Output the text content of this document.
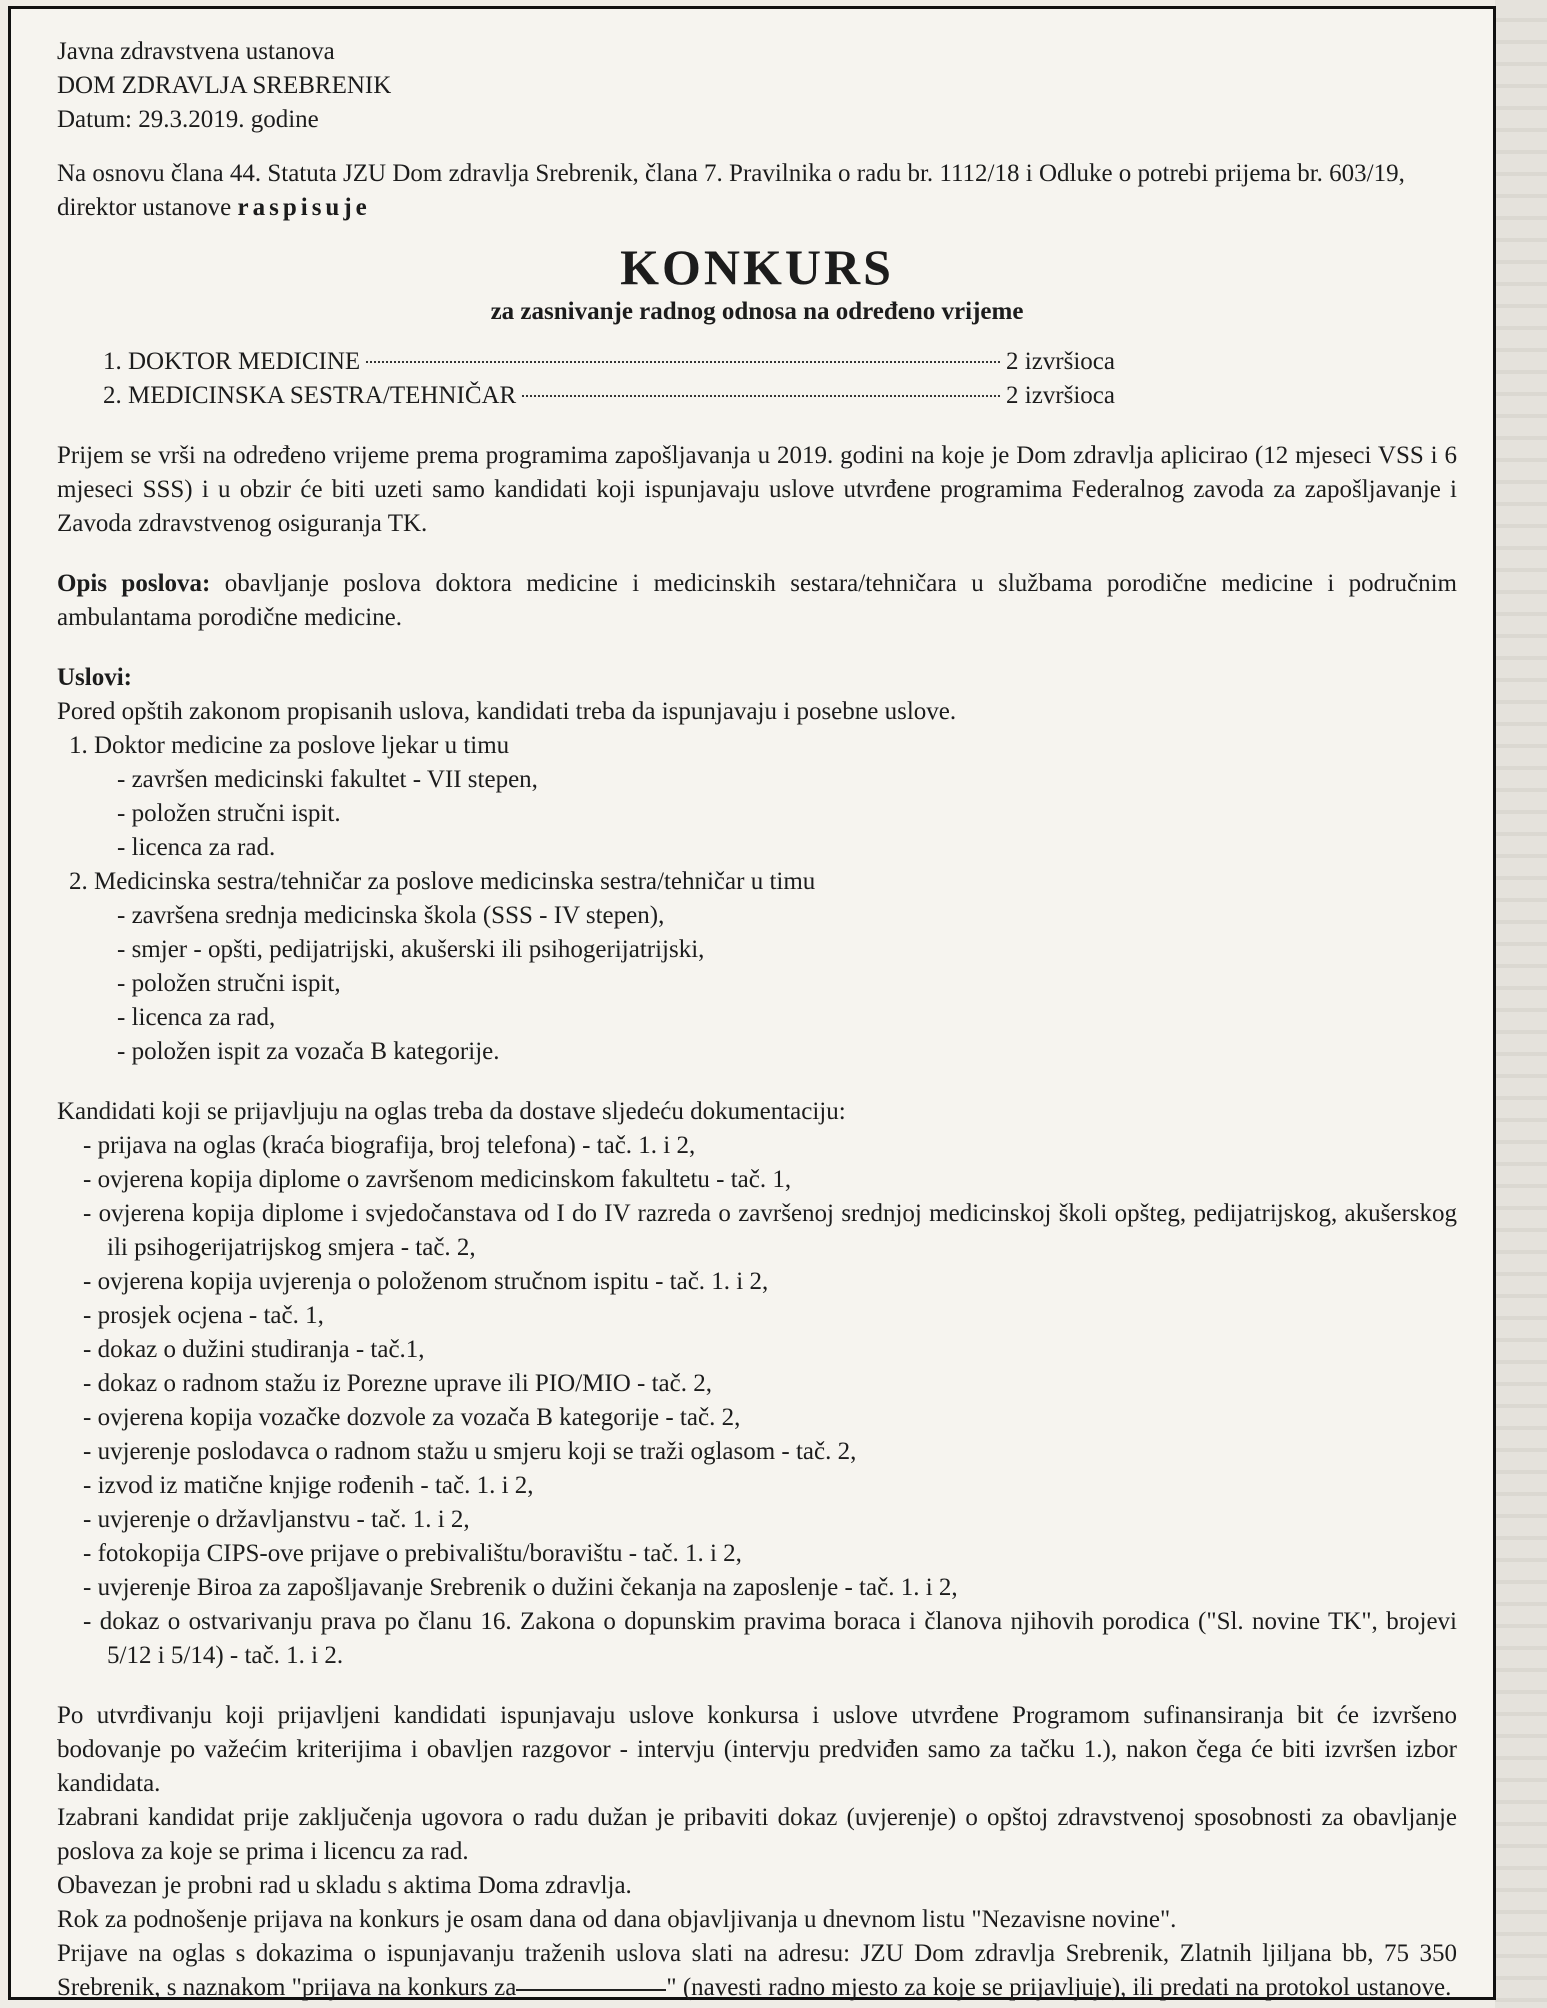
Javna zdravstvena ustanova

DOM ZDRAVLJA SREBRENIK

Datum: 29.3.2019. godine

Na osnovu člana 44. Statuta JZU Dom zdravlja Srebrenik, člana 7. Pravilnika o radu br. 1112/18 i Odluke o potrebi prijema br. 603/19, direktor ustanove raspisuje

KONKURS

za zasnivanje radnog odnosa na određeno vrijeme

1. DOKTOR MEDICINE	2 izvršioca
2. MEDICINSKA SESTRA/TEHNIČAR	2 izvršioca

Prijem se vrši na određeno vrijeme prema programima zapošljavanja u 2019. godini na koje je Dom zdravlja aplicirao (12 mjeseci VSS i 6 mjeseci SSS) i u obzir će biti uzeti samo kandidati koji ispunjavaju uslove utvrđene programima Federalnog zavoda za zapošljavanje i Zavoda zdravstvenog osiguranja TK.

Opis poslova: obavljanje poslova doktora medicine i medicinskih sestara/tehničara u službama porodične medicine i područnim ambulantama porodične medicine.

Uslovi:

Pored opštih zakonom propisanih uslova, kandidati treba da ispunjavaju i posebne uslove.

1. Doktor medicine za poslove ljekar u timu

- završen medicinski fakultet - VII stepen,
- položen stručni ispit.
- licenca za rad.

2. Medicinska sestra/tehničar za poslove medicinska sestra/tehničar u timu

- završena srednja medicinska škola (SSS - IV stepen),
- smjer - opšti, pedijatrijski, akušerski ili psihogerijatrijski,
- položen stručni ispit,
- licenca za rad,
- položen ispit za vozača B kategorije.

Kandidati koji se prijavljuju na oglas treba da dostave sljedeću dokumentaciju:

- prijava na oglas (kraća biografija, broj telefona) - tač. 1. i 2,
- ovjerena kopija diplome o završenom medicinskom fakultetu - tač. 1,
- ovjerena kopija diplome i svjedočanstava od I do IV razreda o završenoj srednjoj medicinskoj školi opšteg, pedijatrijskog, akušerskog ili psihogerijatrijskog smjera - tač. 2,
- ovjerena kopija uvjerenja o položenom stručnom ispitu - tač. 1. i 2,
- prosjek ocjena - tač. 1,
- dokaz o dužini studiranja - tač.1,
- dokaz o radnom stažu iz Porezne uprave ili PIO/MIO - tač. 2,
- ovjerena kopija vozačke dozvole za vozača B kategorije - tač. 2,
- uvjerenje poslodavca o radnom stažu u smjeru koji se traži oglasom - tač. 2,
- izvod iz matične knjige rođenih - tač. 1. i 2,
- uvjerenje o državljanstvu - tač. 1. i 2,
- fotokopija CIPS-ove prijave o prebivalištu/boravištu - tač. 1. i 2,
- uvjerenje Biroa za zapošljavanje Srebrenik o dužini čekanja na zaposlenje - tač. 1. i 2,
- dokaz o ostvarivanju prava po članu 16. Zakona o dopunskim pravima boraca i članova njihovih porodica ("Sl. novine TK", brojevi 5/12 i 5/14) - tač. 1. i 2.

Po utvrđivanju koji prijavljeni kandidati ispunjavaju uslove konkursa i uslove utvrđene Programom sufinansiranja bit će izvršeno bodovanje po važećim kriterijima i obavljen razgovor - intervju (intervju predviđen samo za tačku 1.), nakon čega će biti izvršen izbor kandidata.

Izabrani kandidat prije zaključenja ugovora o radu dužan je pribaviti dokaz (uvjerenje) o opštoj zdravstvenoj sposobnosti za obavljanje poslova za koje se prima i licencu za rad.

Obavezan je probni rad u skladu s aktima Doma zdravlja.

Rok za podnošenje prijava na konkurs je osam dana od dana objavljivanja u dnevnom listu "Nezavisne novine".

Prijave na oglas s dokazima o ispunjavanju traženih uslova slati na adresu: JZU Dom zdravlja Srebrenik, Zlatnih ljiljana bb, 75 350 Srebrenik, s naznakom "prijava na konkurs za	" (navesti radno mjesto za koje se prijavljuje), ili predati na protokol ustanove.
